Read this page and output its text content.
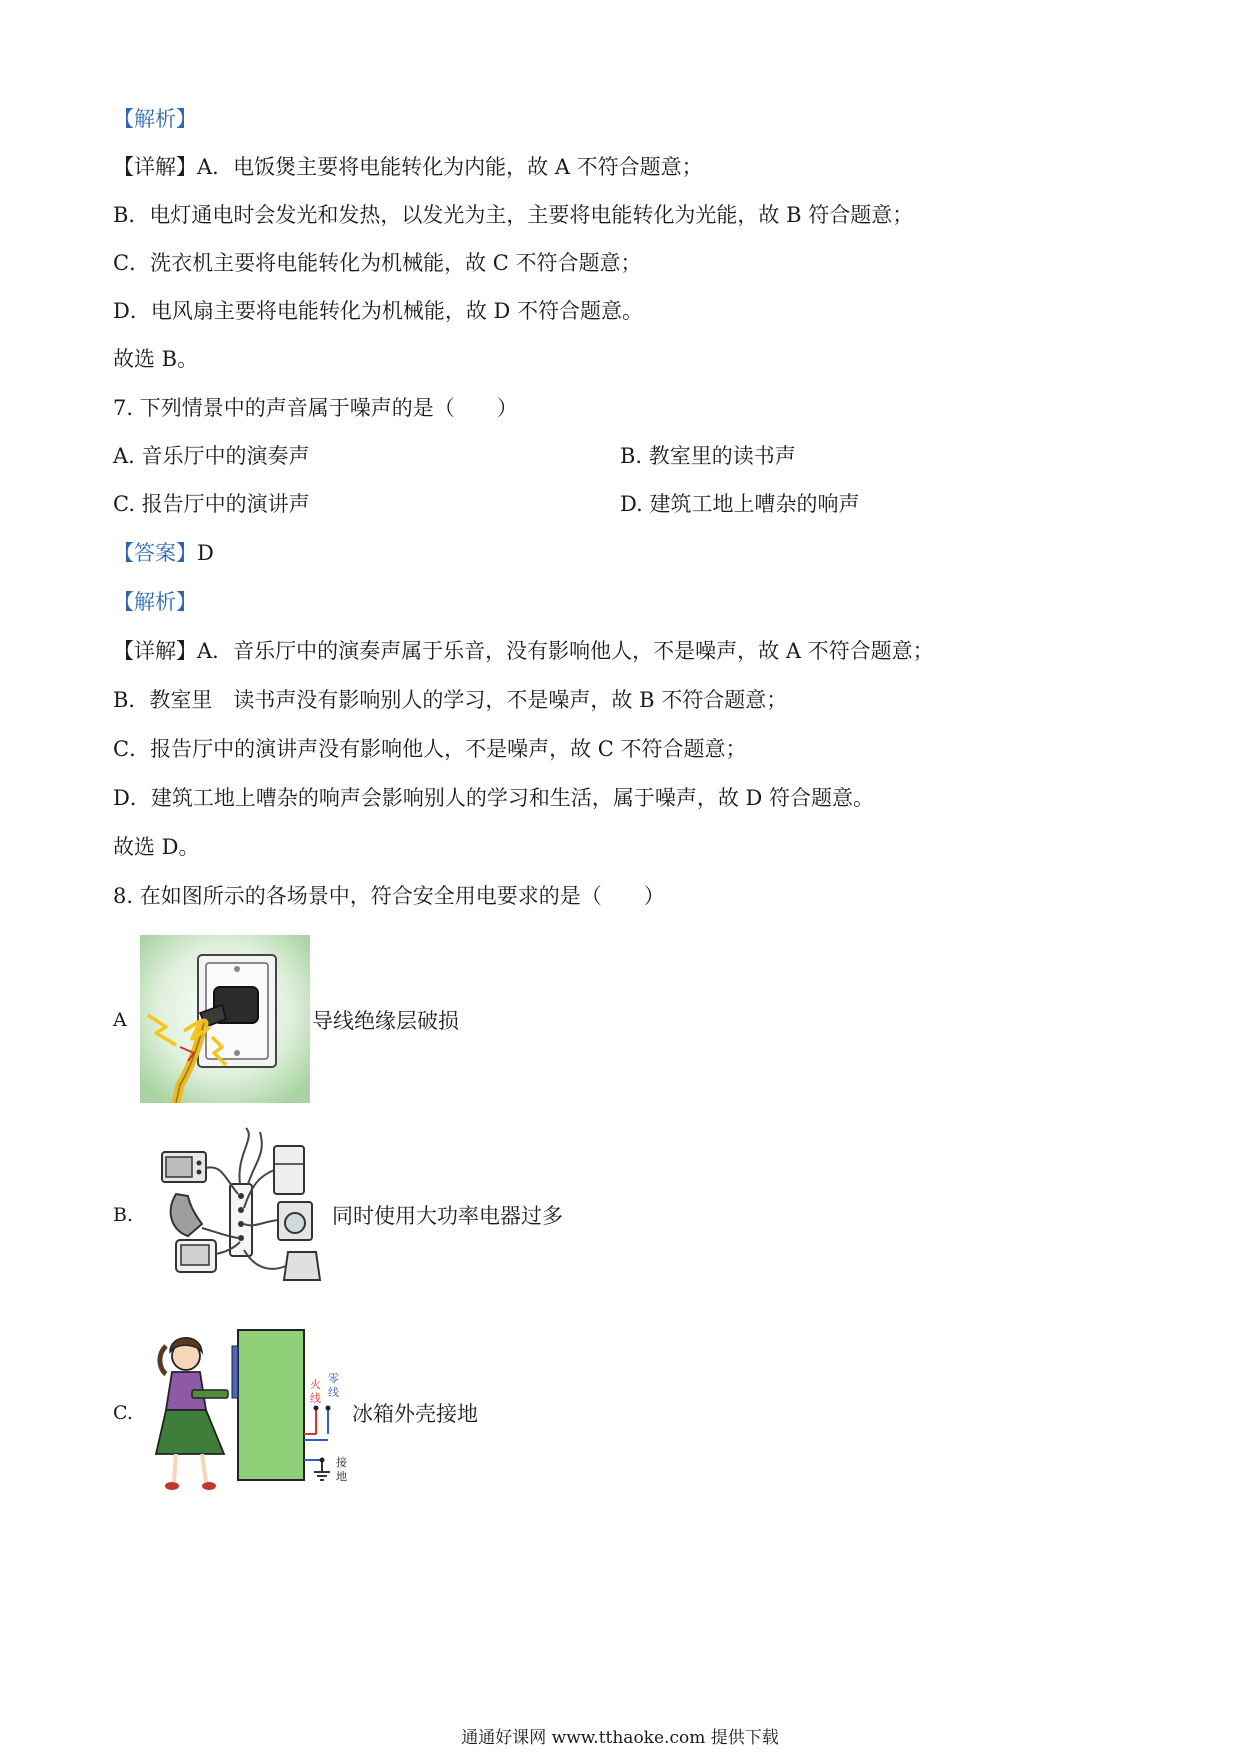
【解析】
【详解】A．电饭煲主要将电能转化为内能，故 A 不符合题意；
B．电灯通电时会发光和发热，以发光为主，主要将电能转化为光能，故 B 符合题意；
C．洗衣机主要将电能转化为机械能，故 C 不符合题意；
D．电风扇主要将电能转化为机械能，故 D 不符合题意。
故选 B。
7. 下列情景中的声音属于噪声的是（　　）
A. 音乐厅中的演奏声	B. 教室里的读书声
C. 报告厅中的演讲声	D. 建筑工地上嘈杂的响声
【答案】D
【解析】
【详解】A．音乐厅中的演奏声属于乐音，没有影响他人，不是噪声，故 A 不符合题意；
B．教室里　读书声没有影响别人的学习，不是噪声，故 B 不符合题意；
C．报告厅中的演讲声没有影响他人，不是噪声，故 C 不符合题意；
D．建筑工地上嘈杂的响声会影响别人的学习和生活，属于噪声，故 D 符合题意。
故选 D。
8. 在如图所示的各场景中，符合安全用电要求的是（　　）
A	导线绝缘层破损
B.	同时使用大功率电器过多
C.
火
线
零
线
接
地
冰箱外壳接地
通通好课网 www.tthaoke.com 提供下载
